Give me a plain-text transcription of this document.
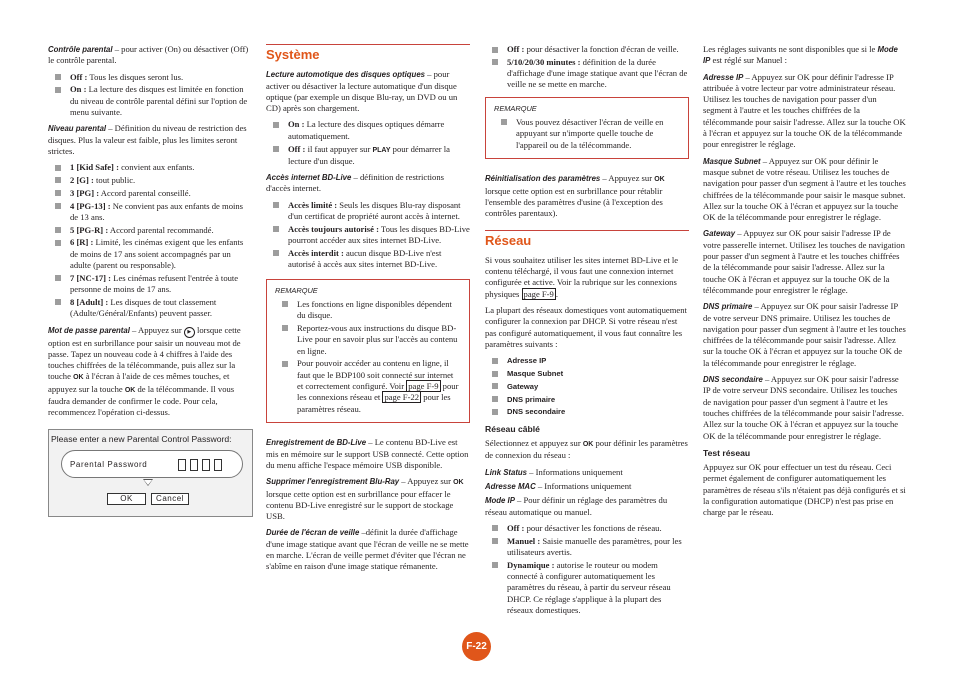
Contrôle parental – pour activer (On) ou désactiver (Off) le contrôle parental.

Off : Tous les disques seront lus.
On : La lecture des disques est limitée en fonction du niveau de contrôle parental défini sur l'option de menu suivante.

Niveau parental – Définition du niveau de restriction des disques. Plus la valeur est faible, plus les limites seront strictes.

1 [Kid Safe] : convient aux enfants.
2 [G] : tout public.
3 [PG] : Accord parental conseillé.
4 [PG-13] : Ne convient pas aux enfants de moins de 13 ans.
5 [PG-R] : Accord parental recommandé.
6 [R] : Limité, les cinémas exigent que les enfants de moins de 17 ans soient accompagnés par un adulte (parent ou responsable).
7 [NC-17] : Les cinémas refusent l'entrée à toute personne de moins de 17 ans.
8 [Adult] : Les disques de tout classement (Adulte/Général/Enfants) peuvent passer.

Mot de passe parental – Appuyez sur ▶ lorsque cette option est en surbrillance pour saisir un nouveau mot de passe. Tapez un nouveau code à 4 chiffres à l'aide des touches chiffrées de la télécommande, puis allez sur la touche OK à l'écran à l'aide de ces mêmes touches, et appuyez sur la touche OK de la télécommande. Il vous faudra demander de confirmer le code. Pour cela, recommencez l'opération ci-dessus.

Please enter a new Parental Control Password:
Parental Password
OK	Cancel
Système

Lecture automotique des disques optiques – pour activer ou désactiver la lecture automatique d'un disque optique (par exemple un disque Blu-ray, un DVD ou un CD) après son chargement.

On : La lecture des disques optiques démarre automatiquement.
Off : il faut appuyer sur PLAY pour démarrer la lecture d'un disque.

Accès internet BD-Live – définition de restrictions d'accès internet.

Accès limité : Seuls les disques Blu-ray disposant d'un certificat de propriété auront accès à internet.
Accès toujours autorisé : Tous les disques BD-Live pourront accéder aux sites internet BD-Live.
Accès interdit : aucun disque BD-Live n'est autorisé à accès aux sites internet BD-Live.
REMARQUE
Les fonctions en ligne disponibles dépendent du disque.
Reportez-vous aux instructions du disque BD-Live pour en savoir plus sur l'accès au contenu en ligne.
Pour pouvoir accéder au contenu en ligne, il faut que le BDP100 soit connecté sur internet et correctement configuré. Voir page F-9 pour les connexions réseau et page F-22 pour les paramètres réseau.

Enregistrement de BD-Live – Le contenu BD-Live est mis en mémoire sur le support USB connecté. Cette option du menu affiche l'espace mémoire USB disponible.

Supprimer l'enregistrement Blu-Ray – Appuyez sur OK lorsque cette option est en surbrillance pour effacer le contenu BD-Live enregistré sur le support de stockage USB.

Durée de l'écran de veille –définit la durée d'affichage d'une image statique avant que l'écran de veille ne se mette en marche. L'écran de veille permet d'éviter que l'écran ne s'abîme en raison d'une image statique rémanente.

Off : pour désactiver la fonction d'écran de veille.
5/10/20/30 minutes : définition de la durée d'affichage d'une image statique avant que l'écran de veille ne se mette en marche.
REMARQUE
Vous pouvez désactiver l'écran de veille en appuyant sur n'importe quelle touche de l'appareil ou de la télécommande.

Réinitialisation des paramètres – Appuyez sur OK lorsque cette option est en surbrillance pour rétablir l'ensemble des paramètres d'usine (à l'exception des contrôles parentaux).

Réseau

Si vous souhaitez utiliser les sites internet BD-Live et le contenu téléchargé, il vous faut une connexion internet configurée et active. Voir la rubrique sur les connexions physiques page F-9 .

La plupart des réseaux domestiques vont automatiquement configurer la connexion par DHCP. Si votre réseau n'est pas configuré automatiquement, il vous faut connaître les paramètres suivants :

Adresse IP
Masque Subnet
Gateway
DNS primaire
DNS secondaire
Réseau câblé

Sélectionnez et appuyez sur OK pour définir les paramètres de connexion du réseau :

Link Status – Informations uniquement

Adresse MAC – Informations uniquement

Mode IP – Pour définir un réglage des paramètres du réseau automatique ou manuel.

Off : pour désactiver les fonctions de réseau.
Manuel : Saisie manuelle des paramètres, pour les utilisateurs avertis.
Dynamique : autorise le routeur ou modem connecté à configurer automatiquement les paramètres du réseau, à partir du serveur réseau DHCP. Ce réglage s'applique à la plupart des réseaux domestiques.

Les réglages suivants ne sont disponibles que si le Mode IP est réglé sur Manuel :

Adresse IP – Appuyez sur OK pour définir l'adresse IP attribuée à votre lecteur par votre administrateur réseau. Utilisez les touches de navigation pour passer d'un segment à l'autre et les touches chiffrées de la télécommande pour saisir l'adresse. Allez sur la touche OK à l'écran et appuyez sur la touche OK de la télécommande pour enregistrer le réglage.

Masque Subnet – Appuyez sur OK pour définir le masque subnet de votre réseau. Utilisez les touches de navigation pour passer d'un segment à l'autre et les touches chiffrées de la télécommande pour saisir le masque subnet. Allez sur la touche OK à l'écran et appuyez sur la touche OK de la télécommande pour enregistrer le réglage.

Gateway – Appuyez sur OK pour saisir l'adresse IP de votre passerelle internet. Utilisez les touches de navigation pour passer d'un segment à l'autre et les touches chiffrées de la télécommande pour saisir l'adresse. Allez sur la touche OK à l'écran et appuyez sur la touche OK de la télécommande pour enregistrer le réglage.

DNS primaire – Appuyez sur OK pour saisir l'adresse IP de votre serveur DNS primaire. Utilisez les touches de navigation pour passer d'un segment à l'autre et les touches chiffrées de la télécommande pour saisir l'adresse. Allez sur la touche OK à l'écran et appuyez sur la touche OK de la télécommande pour enregistrer le réglage.

DNS secondaire – Appuyez sur OK pour saisir l'adresse IP de votre serveur DNS secondaire. Utilisez les touches de navigation pour passer d'un segment à l'autre et les touches chiffrées de la télécommande pour saisir l'adresse. Allez sur la touche OK à l'écran et appuyez sur la touche OK de la télécommande pour enregistrer le réglage.

Test réseau

Appuyez sur OK pour effectuer un test du réseau. Ceci permet également de configurer automatiquement les paramètres de réseau s'ils n'étaient pas déjà configurés et si la configuration automatique (DHCP) n'est pas prise en charge par le réseau.

F-22
